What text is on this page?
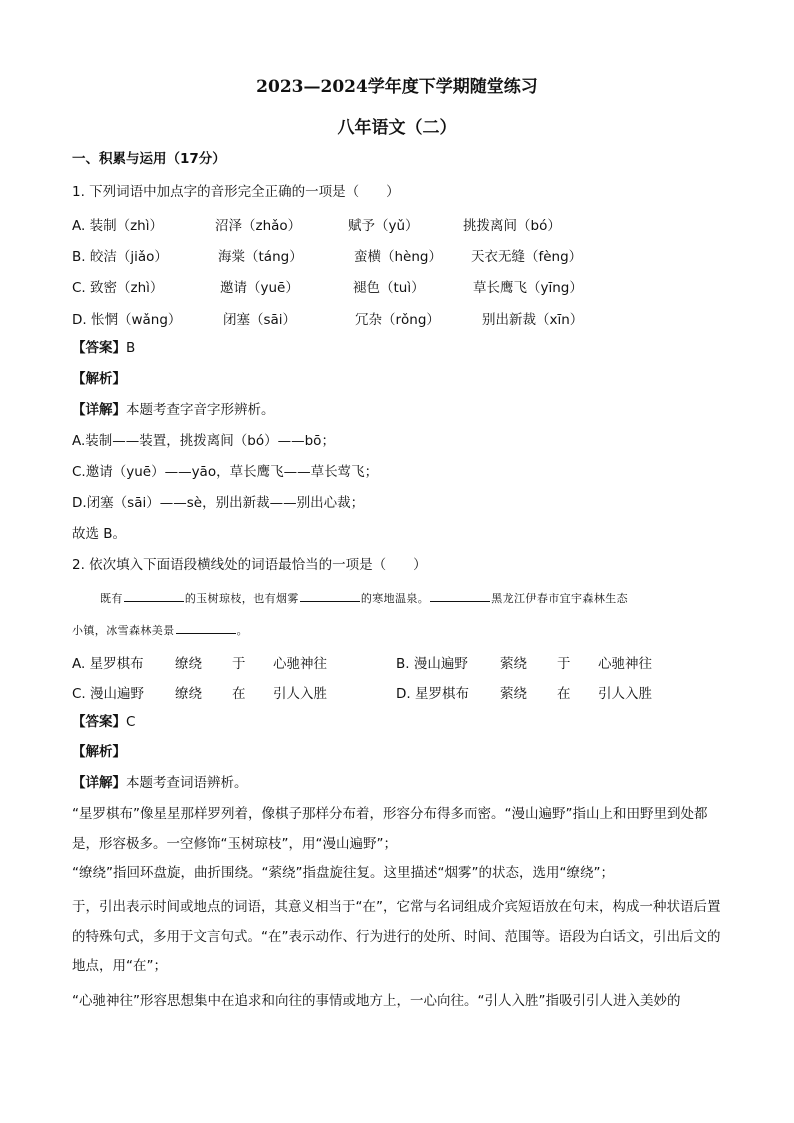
2023—2024学年度下学期随堂练习
八年语文（二）
一、积累与运用（17分）
1. 下列词语中加点字的音形完全正确的一项是（　　）
A. 装制（zhì）	沼泽（zhǎo）	赋予（yǔ）	挑拨离间（bó）
B. 皎洁（jiǎo）	海棠（táng）	蛮横（hèng） 天衣无缝（fèng）
C. 致密（zhì）	邀请（yuē）	褪色（tuì）	草长鹰飞（yīng）
D. 怅惘（wǎng）	闭塞（sāi）	冗杂（rǒng）	别出新裁（xīn）
【答案】B
【解析】
【详解】本题考查字音字形辨析。
A.装制——装置，挑拨离间（bó）——bō；
C.邀请（yuē）——yāo，草长鹰飞——草长莺飞；
D.闭塞（sāi）——sè，别出新裁——别出心裁；
故选 B。
2. 依次填入下面语段横线处的词语最恰当的一项是（　　）
既有	的玉树琼枝，也有烟雾	的寒地温泉。	黑龙江伊春市宜宇森林生态
小镇，冰雪森林美景	。
A. 星罗棋布 缭绕 于 心驰神往	B. 漫山遍野 萦绕 于 心驰神往
C. 漫山遍野 缭绕 在 引人入胜	D. 星罗棋布 萦绕 在 引人入胜
【答案】C
【解析】
【详解】本题考查词语辨析。
“星罗棋布”像星星那样罗列着，像棋子那样分布着，形容分布得多而密。“漫山遍野”指山上和田野里到处都是，形容极多。一空修饰“玉树琼枝”，用“漫山遍野”；
“缭绕”指回环盘旋，曲折围绕。“萦绕”指盘旋往复。这里描述“烟雾”的状态，选用“缭绕”；
于，引出表示时间或地点的词语，其意义相当于“在”，它常与名词组成介宾短语放在句末，构成一种状语后置的特殊句式，多用于文言句式。“在”表示动作、行为进行的处所、时间、范围等。语段为白话文，引出后文的地点，用“在”；
“心驰神往”形容思想集中在追求和向往的事情或地方上，一心向往。“引人入胜”指吸引引人进入美妙的
